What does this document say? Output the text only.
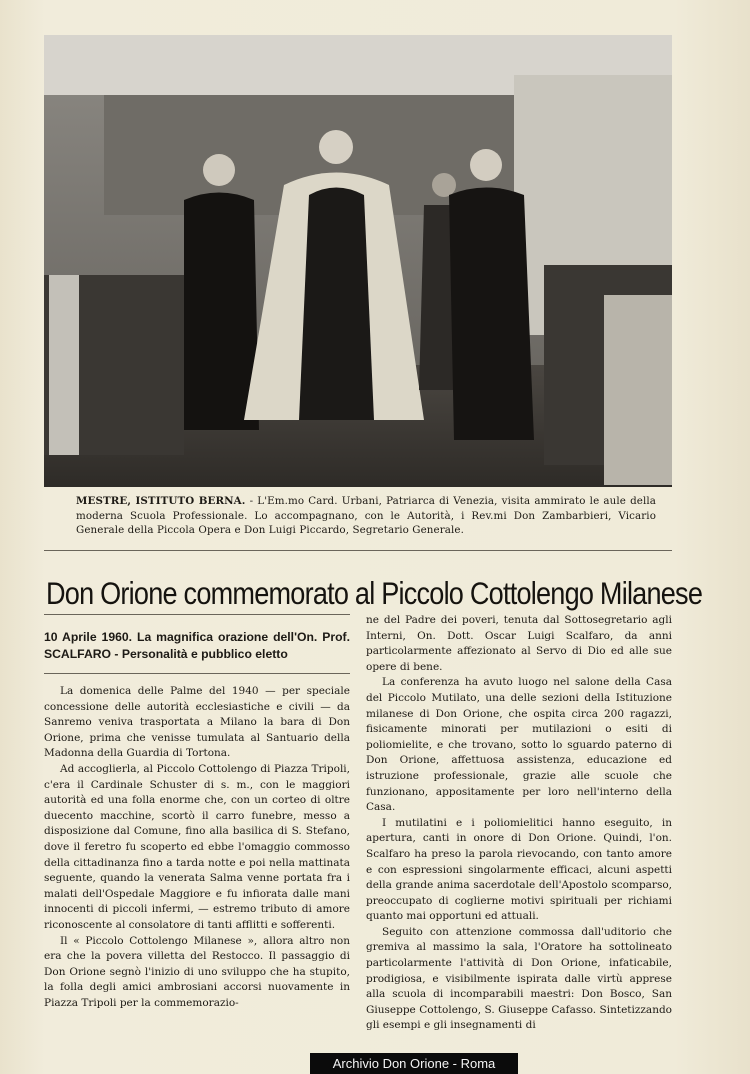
MESTRE, ISTITUTO BERNA. - L'Em.mo Card. Urbani, Patriarca di Venezia, visita ammirato le aule della moderna Scuola Professionale. Lo accompagnano, con le Autorità, i Rev.mi Don Zambarbieri, Vicario Generale della Piccola Opera e Don Luigi Piccardo, Segretario Generale.
Don Orione commemorato al Piccolo Cottolengo Milanese
10 Aprile 1960. La magnifica orazione dell'On. Prof. SCALFARO - Personalità e pubblico eletto

La domenica delle Palme del 1940 — per speciale concessione delle autorità ecclesiastiche e civili — da Sanremo veniva trasportata a Milano la bara di Don Orione, prima che venisse tumulata al Santuario della Madonna della Guardia di Tortona.

Ad accoglierla, al Piccolo Cottolengo di Piazza Tripoli, c'era il Cardinale Schuster di s. m., con le maggiori autorità ed una folla enorme che, con un corteo di oltre duecento macchine, scortò il carro funebre, messo a disposizione dal Comune, fino alla basilica di S. Stefano, dove il feretro fu scoperto ed ebbe l'omaggio commosso della cittadinanza fino a tarda notte e poi nella mattinata seguente, quando la venerata Salma venne portata fra i malati dell'Ospedale Maggiore e fu infiorata dalle mani innocenti di piccoli infermi, — estremo tributo di amore riconoscente al consolatore di tanti afflitti e sofferenti.

Il « Piccolo Cottolengo Milanese », allora altro non era che la povera villetta del Restocco. Il passaggio di Don Orione segnò l'inizio di uno sviluppo che ha stupito, la folla degli amici ambrosiani accorsi nuovamente in Piazza Tripoli per la commemorazio-

ne del Padre dei poveri, tenuta dal Sottosegretario agli Interni, On. Dott. Oscar Luigi Scalfaro, da anni particolarmente affezionato al Servo di Dio ed alle sue opere di bene.

La conferenza ha avuto luogo nel salone della Casa del Piccolo Mutilato, una delle sezioni della Istituzione milanese di Don Orione, che ospita circa 200 ragazzi, fisicamente minorati per mutilazioni o esiti di poliomielite, e che trovano, sotto lo sguardo paterno di Don Orione, affettuosa assistenza, educazione ed istruzione professionale, grazie alle scuole che funzionano, appositamente per loro nell'interno della Casa.

I mutilatini e i poliomielitici hanno eseguito, in apertura, canti in onore di Don Orione. Quindi, l'on. Scalfaro ha preso la parola rievocando, con tanto amore e con espressioni singolarmente efficaci, alcuni aspetti della grande anima sacerdotale dell'Apostolo scomparso, preoccupato di coglierne motivi spirituali per richiami quanto mai opportuni ed attuali.

Seguito con attenzione commossa dall'uditorio che gremiva al massimo la sala, l'Oratore ha sottolineato particolarmente l'attività di Don Orione, infaticabile, prodigiosa, e visibilmente ispirata dalle virtù apprese alla scuola di incomparabili maestri: Don Bosco, San Giuseppe Cottolengo, S. Giuseppe Cafasso. Sintetizzando gli esempi e gli insegnamenti di

Archivio Don Orione - Roma
